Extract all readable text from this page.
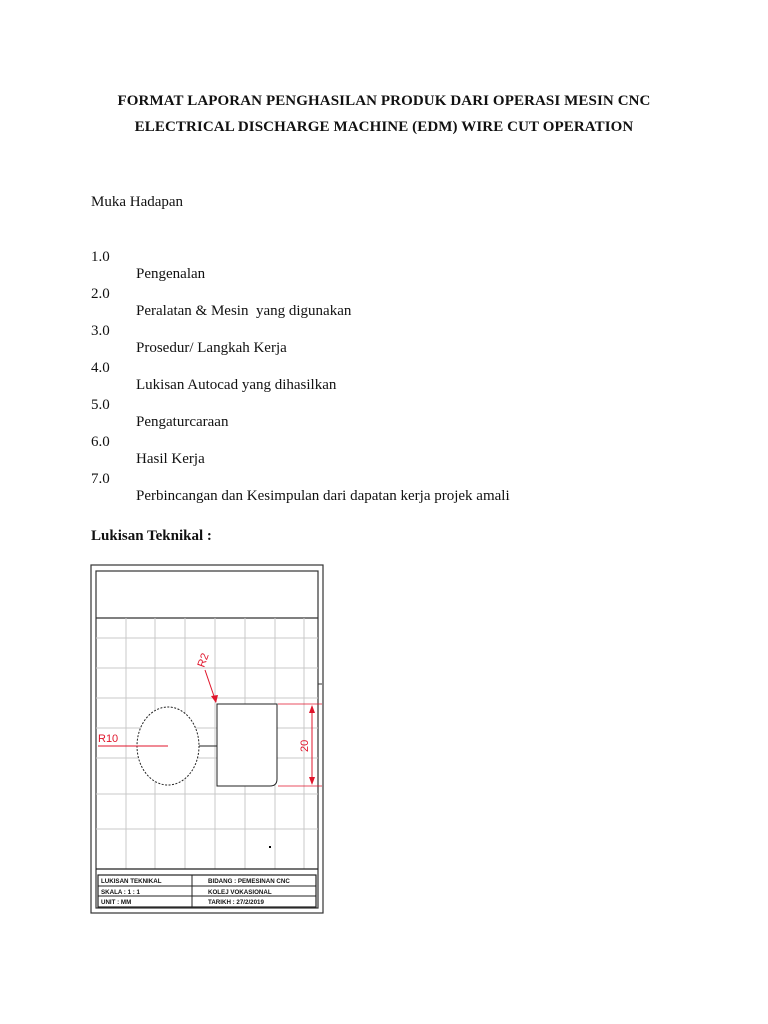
FORMAT LAPORAN PENGHASILAN PRODUK DARI OPERASI MESIN CNC
ELECTRICAL DISCHARGE MACHINE (EDM) WIRE CUT OPERATION
Muka Hadapan

1.0

Pengenalan

2.0

Peralatan & Mesin  yang digunakan

3.0

Prosedur/ Langkah Kerja

4.0

Lukisan Autocad yang dihasilkan

5.0

Pengaturcaraan

6.0

Hasil Kerja

7.0

Perbincangan dan Kesimpulan dari dapatan kerja projek amali

Lukisan Teknikal :
R10
R2
20
LUKISAN TEKNIKAL	BIDANG : PEMESINAN CNC
SKALA : 1 : 1	KOLEJ VOKASIONAL
UNIT : MM	TARIKH : 27/2/2019
